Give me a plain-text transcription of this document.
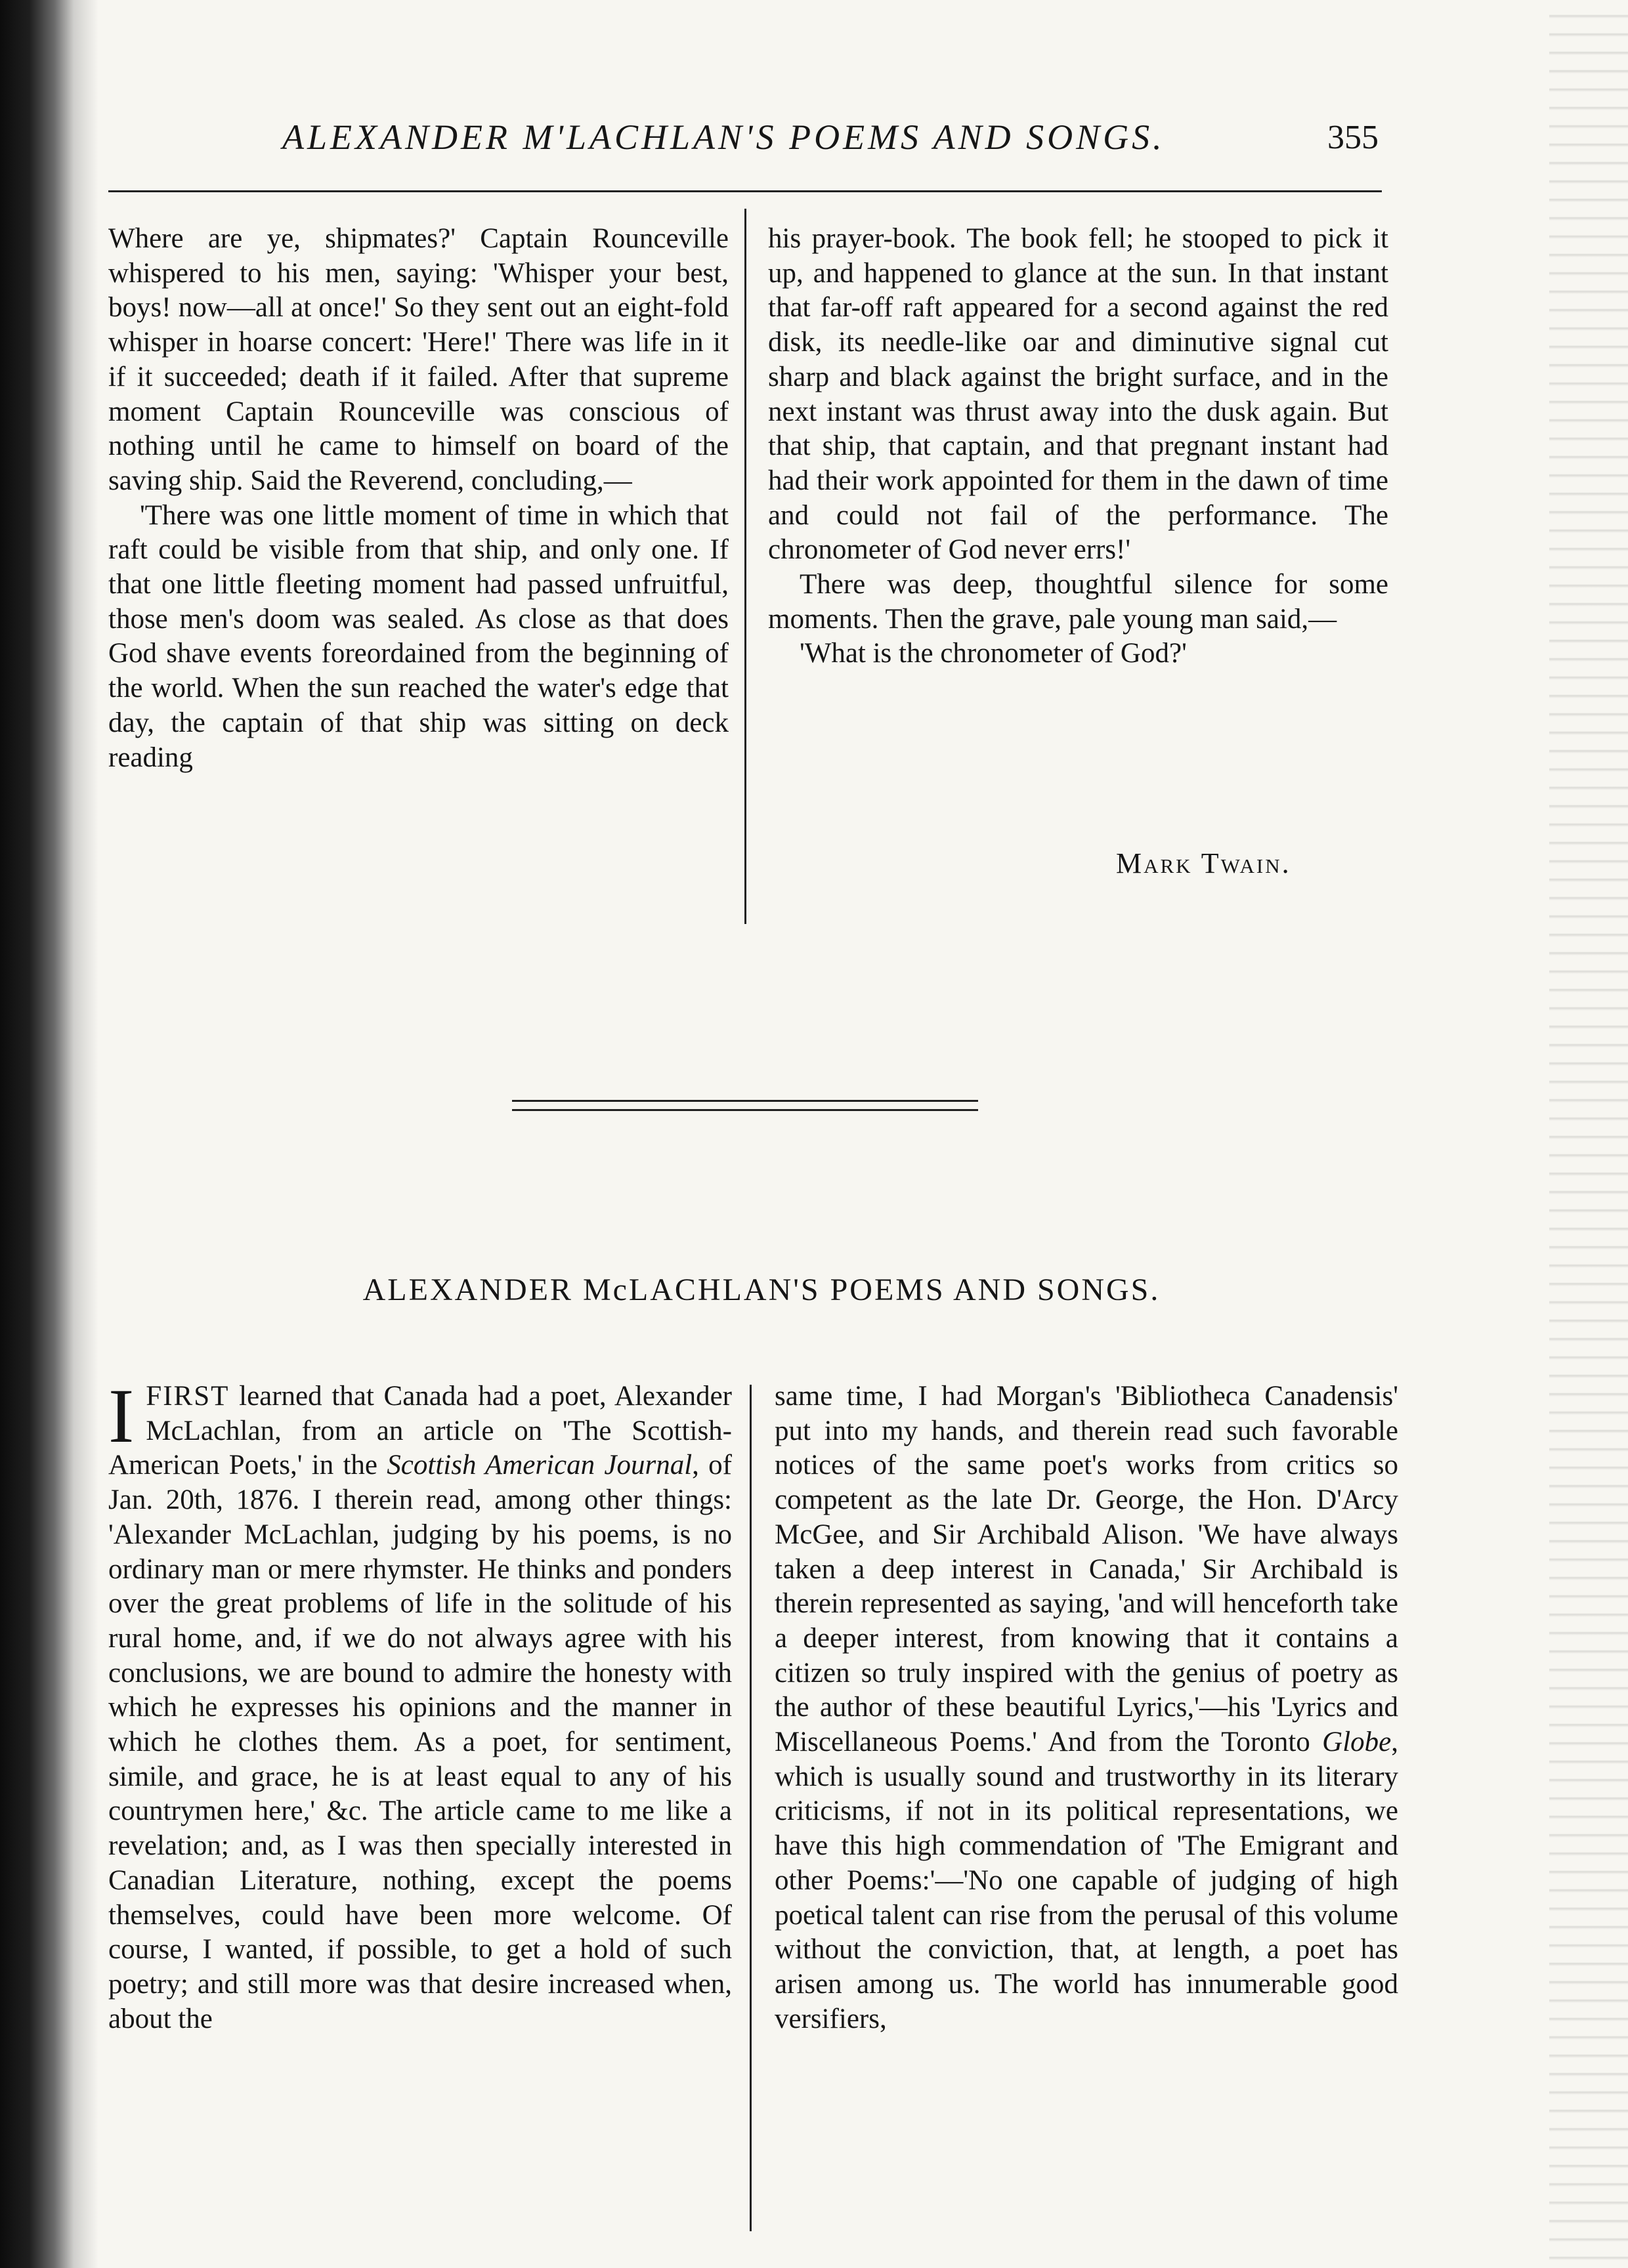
ALEXANDER M'LACHLAN'S POEMS AND SONGS.	355

Where are ye, shipmates?' Captain Rounceville whispered to his men, saying: 'Whisper your best, boys! now—all at once!' So they sent out an eight-fold whisper in hoarse concert: 'Here!' There was life in it if it succeeded; death if it failed. After that supreme moment Captain Rounceville was conscious of nothing until he came to himself on board of the saving ship. Said the Reverend, concluding,—

'There was one little moment of time in which that raft could be visible from that ship, and only one. If that one little fleeting moment had passed unfruitful, those men's doom was sealed. As close as that does God shave events foreordained from the beginning of the world. When the sun reached the water's edge that day, the captain of that ship was sitting on deck reading

his prayer-book. The book fell; he stooped to pick it up, and happened to glance at the sun. In that instant that far-off raft appeared for a second against the red disk, its needle-like oar and diminutive signal cut sharp and black against the bright surface, and in the next instant was thrust away into the dusk again. But that ship, that captain, and that pregnant instant had had their work appointed for them in the dawn of time and could not fail of the performance. The chronometer of God never errs!'

There was deep, thoughtful silence for some moments. Then the grave, pale young man said,—

'What is the chronometer of God?'

Mark Twain.
ALEXANDER McLACHLAN'S POEMS AND SONGS.

IFIRST learned that Canada had a poet, Alexander McLachlan, from an article on 'The Scottish-American Poets,' in the Scottish American Journal, of Jan. 20th, 1876. I therein read, among other things: 'Alexander McLachlan, judging by his poems, is no ordinary man or mere rhymster. He thinks and ponders over the great problems of life in the solitude of his rural home, and, if we do not always agree with his conclusions, we are bound to admire the honesty with which he expresses his opinions and the manner in which he clothes them. As a poet, for sentiment, simile, and grace, he is at least equal to any of his countrymen here,' &c. The article came to me like a revelation; and, as I was then specially interested in Canadian Literature, nothing, except the poems themselves, could have been more welcome. Of course, I wanted, if possible, to get a hold of such poetry; and still more was that desire increased when, about the

same time, I had Morgan's 'Bibliotheca Canadensis' put into my hands, and therein read such favorable notices of the same poet's works from critics so competent as the late Dr. George, the Hon. D'Arcy McGee, and Sir Archibald Alison. 'We have always taken a deep interest in Canada,' Sir Archibald is therein represented as saying, 'and will henceforth take a deeper interest, from knowing that it contains a citizen so truly inspired with the genius of poetry as the author of these beautiful Lyrics,'—his 'Lyrics and Miscellaneous Poems.' And from the Toronto Globe, which is usually sound and trustworthy in its literary criticisms, if not in its political representations, we have this high commendation of 'The Emigrant and other Poems:'—'No one capable of judging of high poetical talent can rise from the perusal of this volume without the conviction, that, at length, a poet has arisen among us. The world has innumerable good versifiers,
